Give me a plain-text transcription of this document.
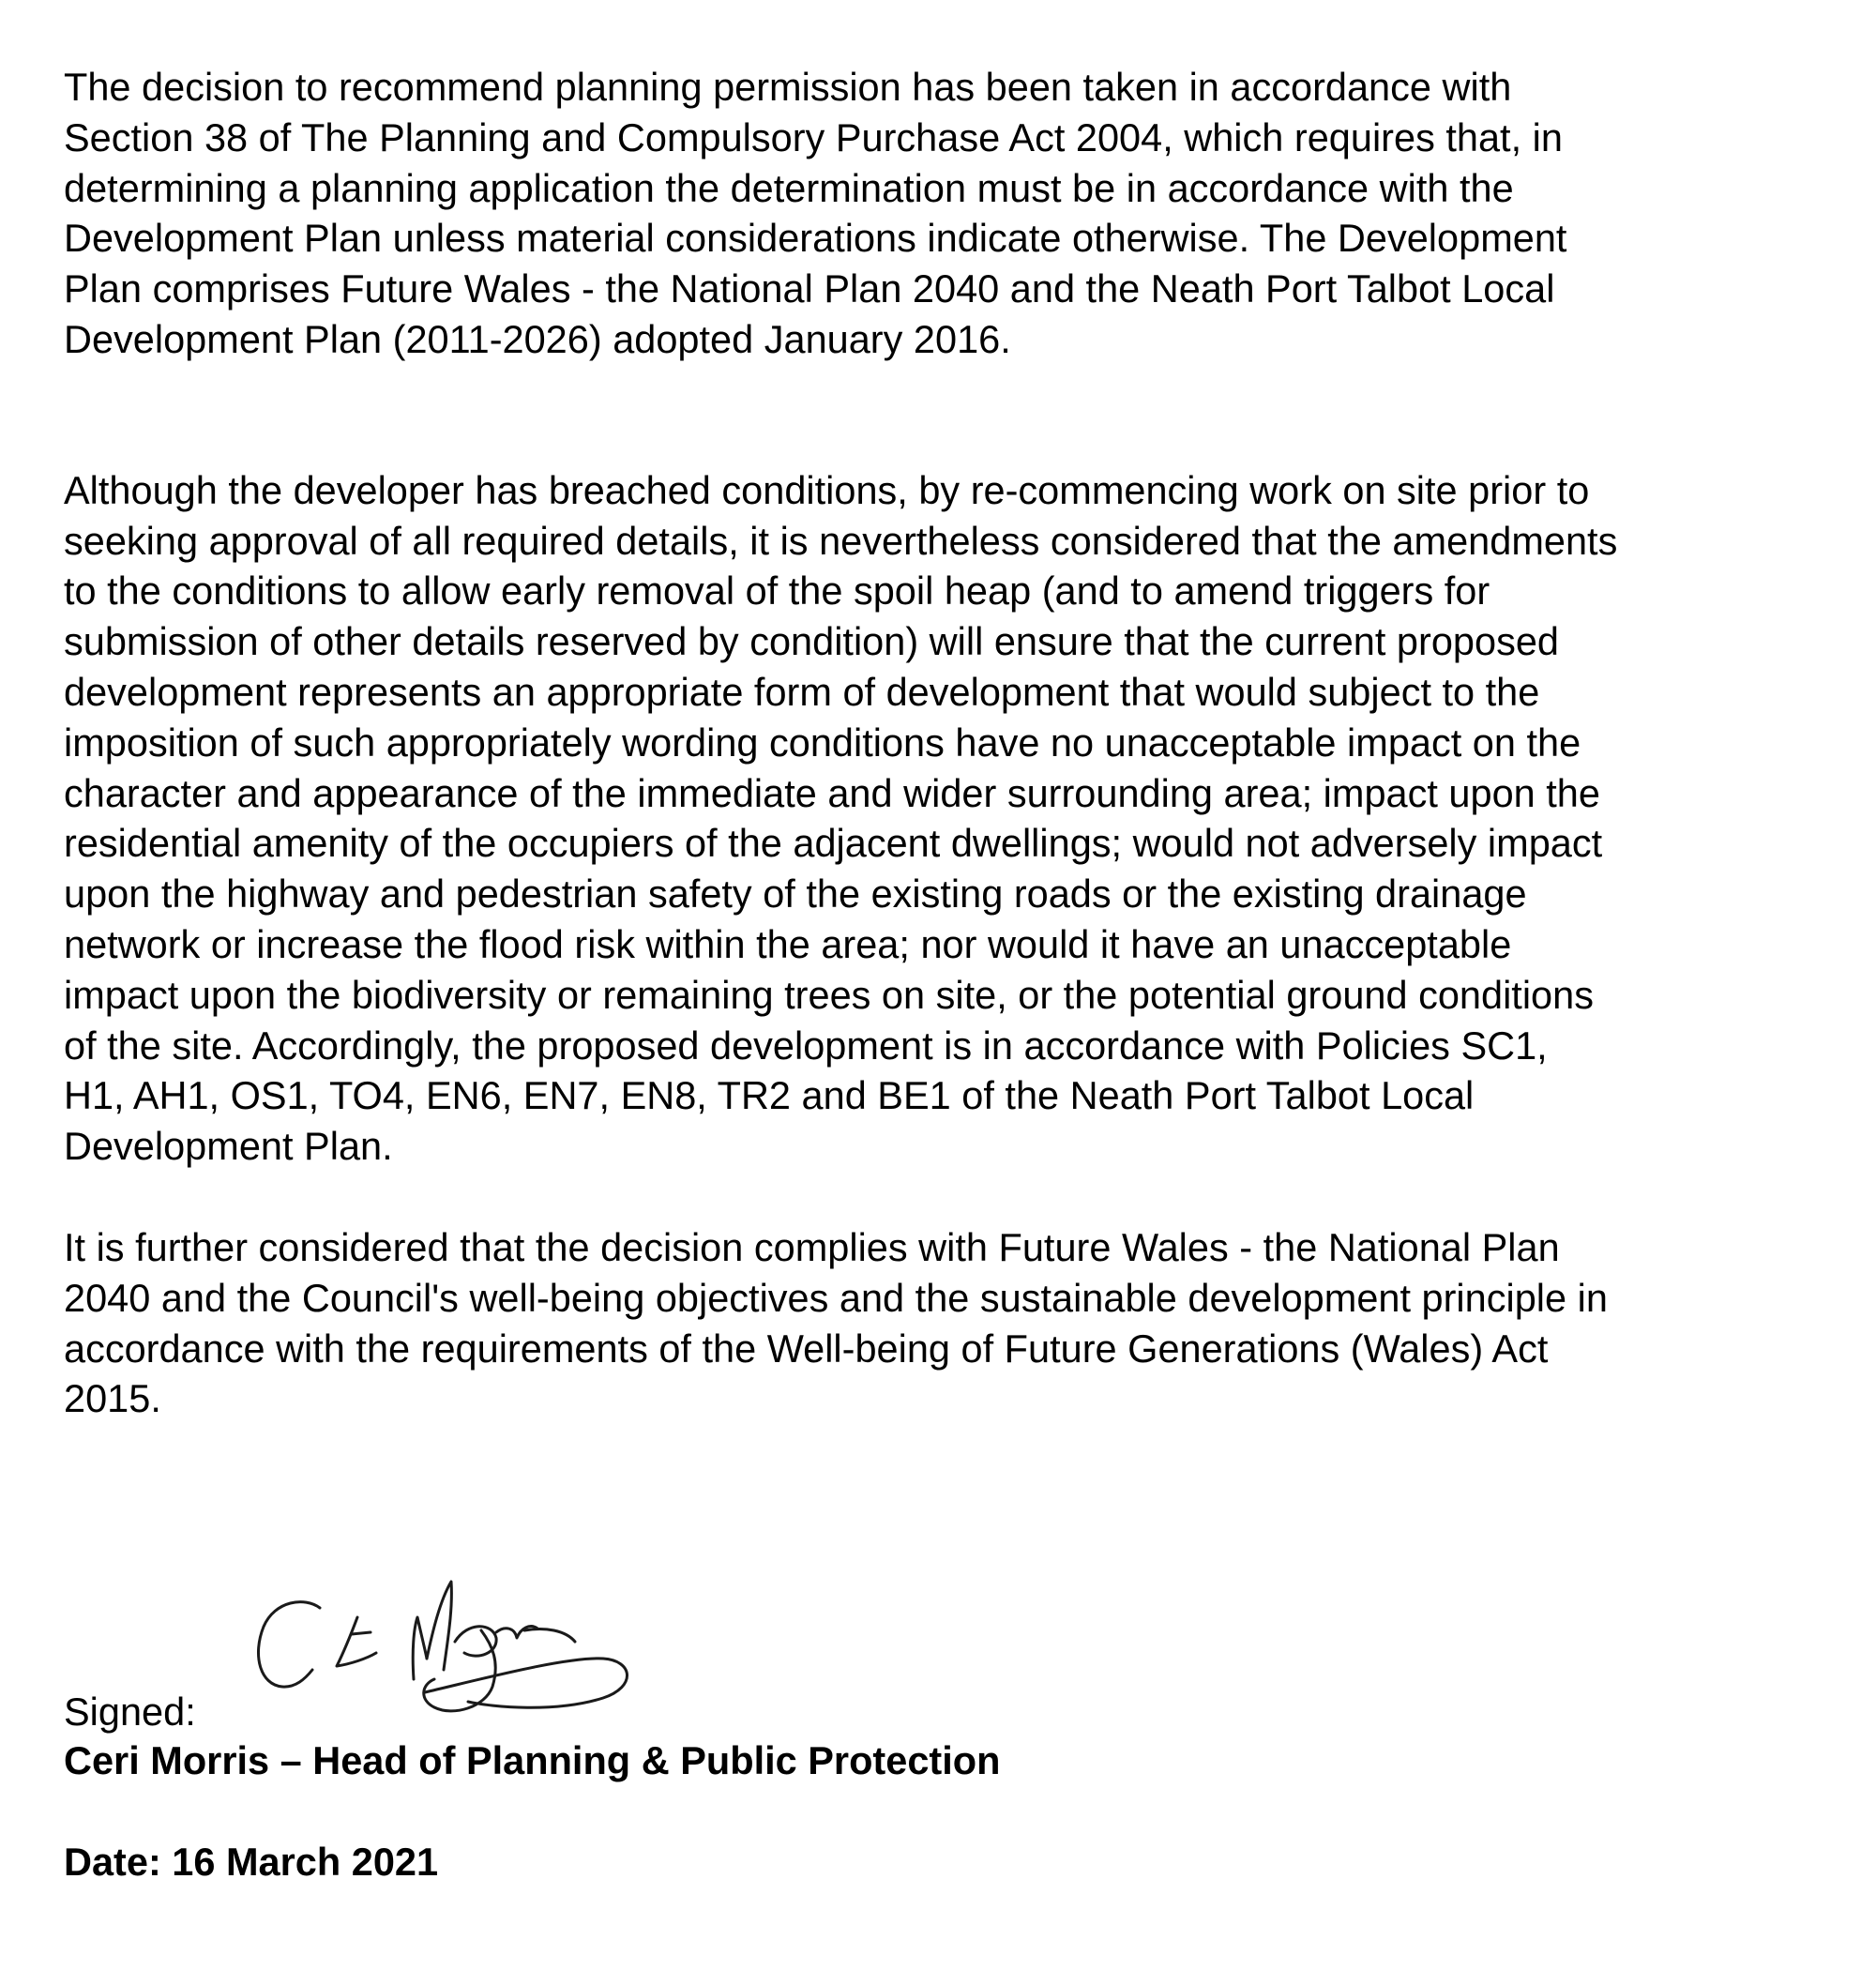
The decision to recommend planning permission has been taken in accordance with
Section 38 of The Planning and Compulsory Purchase Act 2004, which requires that, in
determining a planning application the determination must be in accordance with the
Development Plan unless material considerations indicate otherwise. The Development
Plan comprises Future Wales - the National Plan 2040 and the Neath Port Talbot Local
Development Plan (2011-2026) adopted January 2016.

Although the developer has breached conditions, by re-commencing work on site prior to
seeking approval of all required details, it is nevertheless considered that the amendments
to the conditions to allow early removal of the spoil heap (and to amend triggers for
submission of other details reserved by condition) will ensure that the current proposed
development represents an appropriate form of development that would subject to the
imposition of such appropriately wording conditions have no unacceptable impact on the
character and appearance of the immediate and wider surrounding area; impact upon the
residential amenity of the occupiers of the adjacent dwellings; would not adversely impact
upon the highway and pedestrian safety of the existing roads or the existing drainage
network or increase the flood risk within the area; nor would it have an unacceptable
impact upon the biodiversity or remaining trees on site, or the potential ground conditions
of the site. Accordingly, the proposed development is in accordance with Policies SC1,
H1, AH1, OS1, TO4, EN6, EN7, EN8, TR2 and BE1 of the Neath Port Talbot Local
Development Plan.

It is further considered that the decision complies with Future Wales - the National Plan
2040 and the Council's well-being objectives and the sustainable development principle in
accordance with the requirements of the Well-being of Future Generations (Wales) Act
2015.

Signed:
Ceri Morris – Head of Planning & Public Protection
Date: 16 March 2021
